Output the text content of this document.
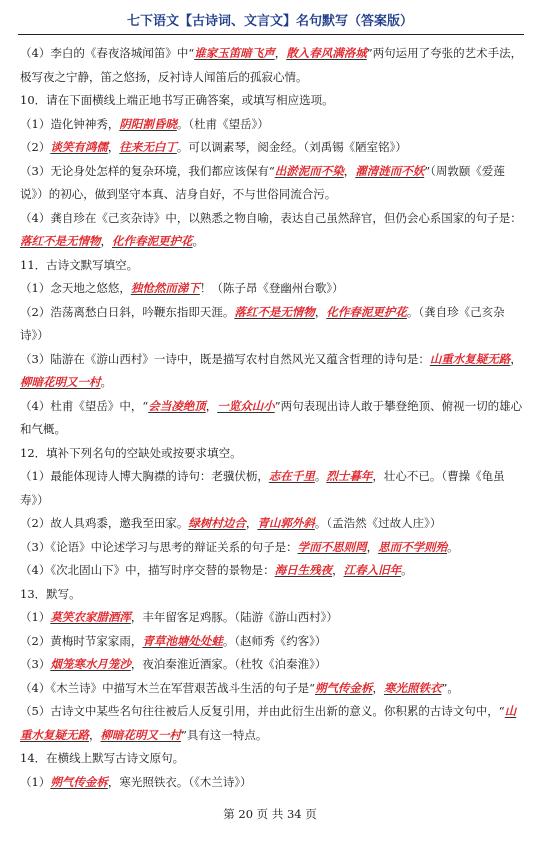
七下语文【古诗词、文言文】名句默写（答案版）

（4）李白的《春夜洛城闻笛》中“谁家玉笛暗飞声，散入春风满洛城”两句运用了夸张的艺术手法，极写夜之宁静，笛之悠扬，反衬诗人闻笛后的孤寂心情。

10．请在下面横线上端正地书写正确答案，或填写相应选项。

（1）造化钟神秀，阴阳割昏晓。（杜甫《望岳》）

（2）谈笑有鸿儒，往来无白丁。可以调素琴，阅金经。（刘禹锡《陋室铭》）

（3）无论身处怎样的复杂环境，我们都应该保有“出淤泥而不染，濯清涟而不妖”（周敦颐《爱莲说》）的初心，做到坚守本真、洁身自好，不与世俗同流合污。

（4）龚自珍在《己亥杂诗》中，以熟悉之物自喻，表达自己虽然辞官，但仍会心系国家的句子是：落红不是无情物，化作春泥更护花。

11．古诗文默写填空。

（1）念天地之悠悠，独怆然而涕下！（陈子昂《登幽州台歌》）

（2）浩荡离愁白日斜，吟鞭东指即天涯。落红不是无情物，化作春泥更护花。（龚自珍《己亥杂诗》）

（3）陆游在《游山西村》一诗中，既是描写农村自然风光又蕴含哲理的诗句是：山重水复疑无路，柳暗花明又一村。

（4）杜甫《望岳》中，“会当凌绝顶，一览众山小”两句表现出诗人敢于攀登绝顶、俯视一切的雄心和气概。

12．填补下列名句的空缺处或按要求填空。

（1）最能体现诗人博大胸襟的诗句：老骥伏枥，志在千里。烈士暮年，壮心不已。（曹操《龟虽寿》）

（2）故人具鸡黍，邀我至田家。绿树村边合，青山郭外斜。（孟浩然《过故人庄》）

（3）《论语》中论述学习与思考的辩证关系的句子是：学而不思则罔，思而不学则殆。

（4）《次北固山下》中，描写时序交替的景物是：海日生残夜，江春入旧年。

13．默写。

（1）莫笑农家腊酒浑，丰年留客足鸡豚。（陆游《游山西村》）

（2）黄梅时节家家雨，青草池塘处处蛙。（赵师秀《约客》）

（3）烟笼寒水月笼沙，夜泊秦淮近酒家。（杜牧《泊秦淮》）

（4）《木兰诗》中描写木兰在军营艰苦战斗生活的句子是“朔气传金柝，寒光照铁衣”。

（5）古诗文中某些名句往往被后人反复引用，并由此衍生出新的意义。你积累的古诗文句中，“山重水复疑无路，柳暗花明又一村”具有这一特点。

14．在横线上默写古诗文原句。

（1）朔气传金柝，寒光照铁衣。（《木兰诗》）

第 20 页 共 34 页
